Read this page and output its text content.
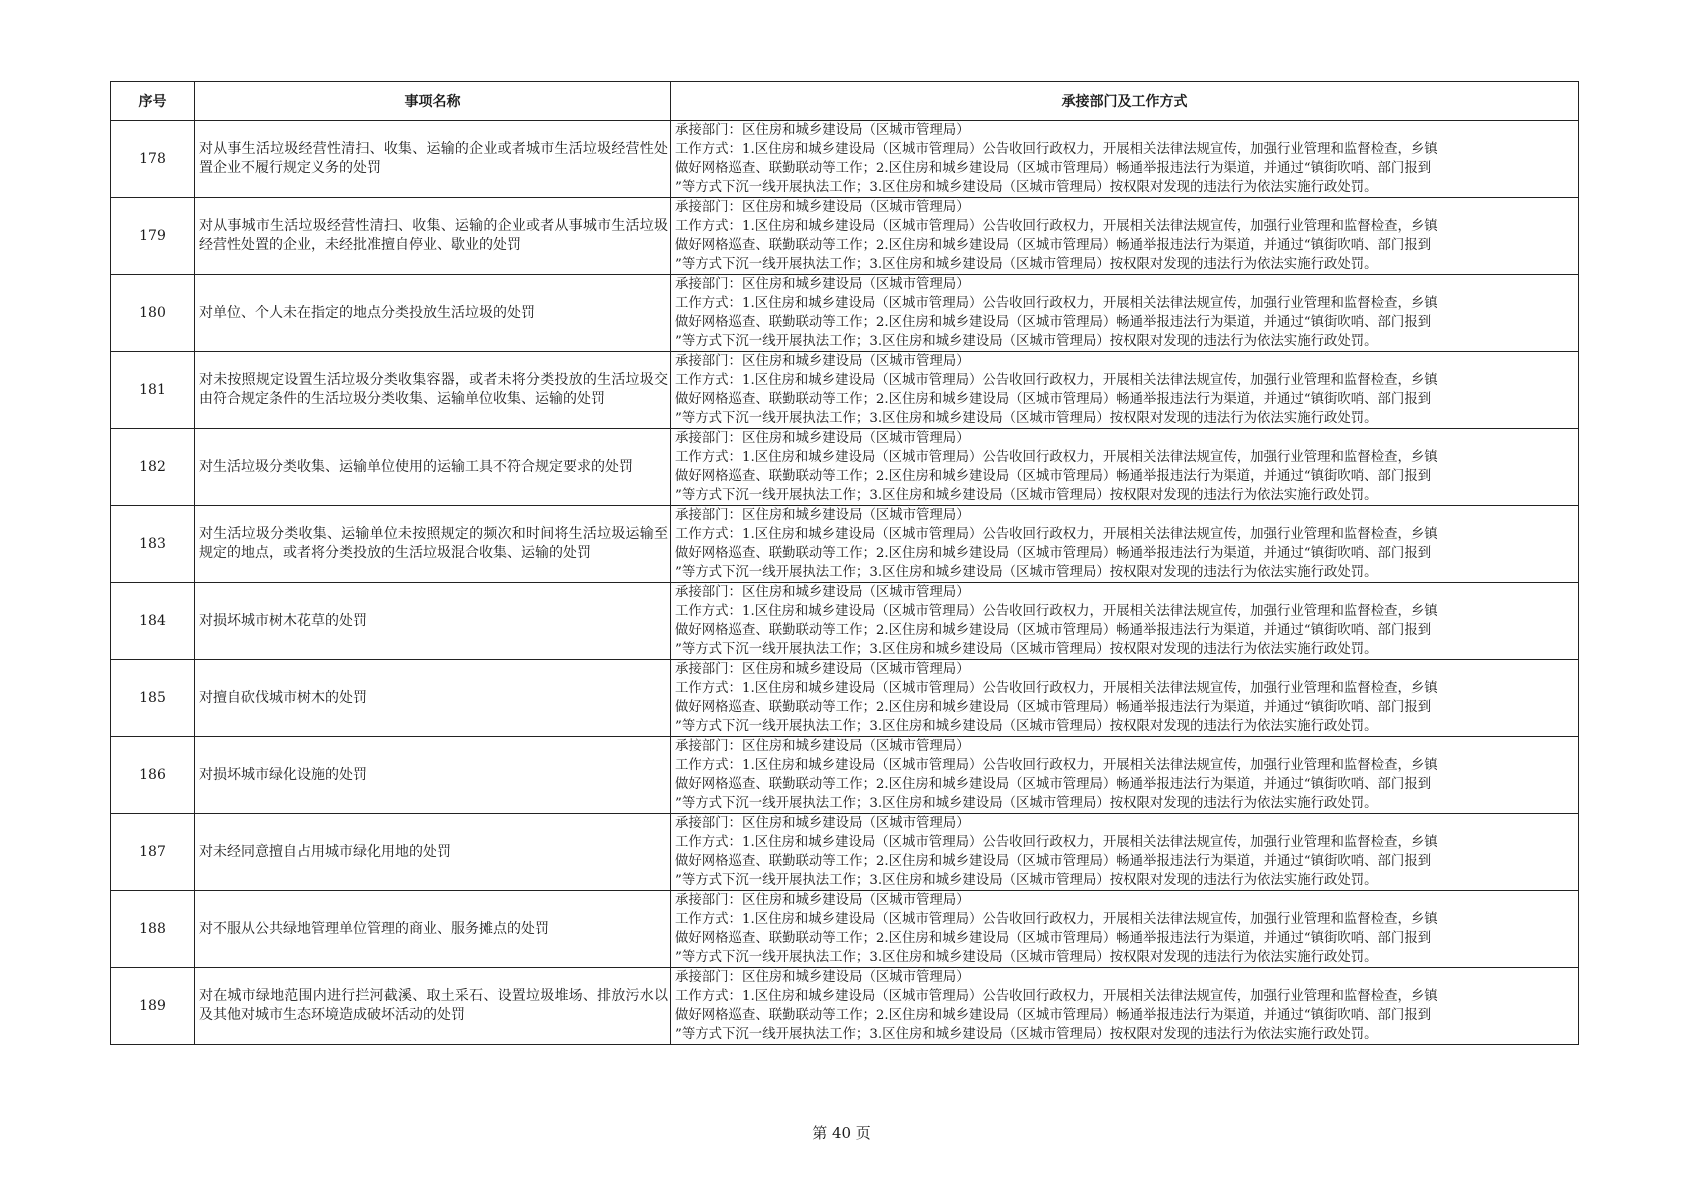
序号	事项名称	承接部门及工作方式
178	对从事生活垃圾经营性清扫、收集、运输的企业或者城市生活垃圾经营性处置企业不履行规定义务的处罚	承接部门：区住房和城乡建设局（区城市管理局）
工作方式：1.区住房和城乡建设局（区城市管理局）公告收回行政权力，开展相关法律法规宣传，加强行业管理和监督检查，乡镇
做好网格巡查、联勤联动等工作；2.区住房和城乡建设局（区城市管理局）畅通举报违法行为渠道，并通过“镇街吹哨、部门报到
”等方式下沉一线开展执法工作；3.区住房和城乡建设局（区城市管理局）按权限对发现的违法行为依法实施行政处罚。

179	对从事城市生活垃圾经营性清扫、收集、运输的企业或者从事城市生活垃圾经营性处置的企业，未经批准擅自停业、歇业的处罚	承接部门：区住房和城乡建设局（区城市管理局）
工作方式：1.区住房和城乡建设局（区城市管理局）公告收回行政权力，开展相关法律法规宣传，加强行业管理和监督检查，乡镇
做好网格巡查、联勤联动等工作；2.区住房和城乡建设局（区城市管理局）畅通举报违法行为渠道，并通过“镇街吹哨、部门报到
”等方式下沉一线开展执法工作；3.区住房和城乡建设局（区城市管理局）按权限对发现的违法行为依法实施行政处罚。

180	对单位、个人未在指定的地点分类投放生活垃圾的处罚	承接部门：区住房和城乡建设局（区城市管理局）
工作方式：1.区住房和城乡建设局（区城市管理局）公告收回行政权力，开展相关法律法规宣传，加强行业管理和监督检查，乡镇
做好网格巡查、联勤联动等工作；2.区住房和城乡建设局（区城市管理局）畅通举报违法行为渠道，并通过“镇街吹哨、部门报到
”等方式下沉一线开展执法工作；3.区住房和城乡建设局（区城市管理局）按权限对发现的违法行为依法实施行政处罚。

181	对未按照规定设置生活垃圾分类收集容器，或者未将分类投放的生活垃圾交由符合规定条件的生活垃圾分类收集、运输单位收集、运输的处罚	承接部门：区住房和城乡建设局（区城市管理局）
工作方式：1.区住房和城乡建设局（区城市管理局）公告收回行政权力，开展相关法律法规宣传，加强行业管理和监督检查，乡镇
做好网格巡查、联勤联动等工作；2.区住房和城乡建设局（区城市管理局）畅通举报违法行为渠道，并通过“镇街吹哨、部门报到
”等方式下沉一线开展执法工作；3.区住房和城乡建设局（区城市管理局）按权限对发现的违法行为依法实施行政处罚。

182	对生活垃圾分类收集、运输单位使用的运输工具不符合规定要求的处罚	承接部门：区住房和城乡建设局（区城市管理局）
工作方式：1.区住房和城乡建设局（区城市管理局）公告收回行政权力，开展相关法律法规宣传，加强行业管理和监督检查，乡镇
做好网格巡查、联勤联动等工作；2.区住房和城乡建设局（区城市管理局）畅通举报违法行为渠道，并通过“镇街吹哨、部门报到
”等方式下沉一线开展执法工作；3.区住房和城乡建设局（区城市管理局）按权限对发现的违法行为依法实施行政处罚。

183	对生活垃圾分类收集、运输单位未按照规定的频次和时间将生活垃圾运输至规定的地点，或者将分类投放的生活垃圾混合收集、运输的处罚	承接部门：区住房和城乡建设局（区城市管理局）
工作方式：1.区住房和城乡建设局（区城市管理局）公告收回行政权力，开展相关法律法规宣传，加强行业管理和监督检查，乡镇
做好网格巡查、联勤联动等工作；2.区住房和城乡建设局（区城市管理局）畅通举报违法行为渠道，并通过“镇街吹哨、部门报到
”等方式下沉一线开展执法工作；3.区住房和城乡建设局（区城市管理局）按权限对发现的违法行为依法实施行政处罚。

184	对损坏城市树木花草的处罚	承接部门：区住房和城乡建设局（区城市管理局）
工作方式：1.区住房和城乡建设局（区城市管理局）公告收回行政权力，开展相关法律法规宣传，加强行业管理和监督检查，乡镇
做好网格巡查、联勤联动等工作；2.区住房和城乡建设局（区城市管理局）畅通举报违法行为渠道，并通过“镇街吹哨、部门报到
”等方式下沉一线开展执法工作；3.区住房和城乡建设局（区城市管理局）按权限对发现的违法行为依法实施行政处罚。

185	对擅自砍伐城市树木的处罚	承接部门：区住房和城乡建设局（区城市管理局）
工作方式：1.区住房和城乡建设局（区城市管理局）公告收回行政权力，开展相关法律法规宣传，加强行业管理和监督检查，乡镇
做好网格巡查、联勤联动等工作；2.区住房和城乡建设局（区城市管理局）畅通举报违法行为渠道，并通过“镇街吹哨、部门报到
”等方式下沉一线开展执法工作；3.区住房和城乡建设局（区城市管理局）按权限对发现的违法行为依法实施行政处罚。

186	对损坏城市绿化设施的处罚	承接部门：区住房和城乡建设局（区城市管理局）
工作方式：1.区住房和城乡建设局（区城市管理局）公告收回行政权力，开展相关法律法规宣传，加强行业管理和监督检查，乡镇
做好网格巡查、联勤联动等工作；2.区住房和城乡建设局（区城市管理局）畅通举报违法行为渠道，并通过“镇街吹哨、部门报到
”等方式下沉一线开展执法工作；3.区住房和城乡建设局（区城市管理局）按权限对发现的违法行为依法实施行政处罚。

187	对未经同意擅自占用城市绿化用地的处罚	承接部门：区住房和城乡建设局（区城市管理局）
工作方式：1.区住房和城乡建设局（区城市管理局）公告收回行政权力，开展相关法律法规宣传，加强行业管理和监督检查，乡镇
做好网格巡查、联勤联动等工作；2.区住房和城乡建设局（区城市管理局）畅通举报违法行为渠道，并通过“镇街吹哨、部门报到
”等方式下沉一线开展执法工作；3.区住房和城乡建设局（区城市管理局）按权限对发现的违法行为依法实施行政处罚。

188	对不服从公共绿地管理单位管理的商业、服务摊点的处罚	承接部门：区住房和城乡建设局（区城市管理局）
工作方式：1.区住房和城乡建设局（区城市管理局）公告收回行政权力，开展相关法律法规宣传，加强行业管理和监督检查，乡镇
做好网格巡查、联勤联动等工作；2.区住房和城乡建设局（区城市管理局）畅通举报违法行为渠道，并通过“镇街吹哨、部门报到
”等方式下沉一线开展执法工作；3.区住房和城乡建设局（区城市管理局）按权限对发现的违法行为依法实施行政处罚。

189	对在城市绿地范围内进行拦河截溪、取土采石、设置垃圾堆场、排放污水以及其他对城市生态环境造成破坏活动的处罚	承接部门：区住房和城乡建设局（区城市管理局）
工作方式：1.区住房和城乡建设局（区城市管理局）公告收回行政权力，开展相关法律法规宣传，加强行业管理和监督检查，乡镇
做好网格巡查、联勤联动等工作；2.区住房和城乡建设局（区城市管理局）畅通举报违法行为渠道，并通过“镇街吹哨、部门报到
”等方式下沉一线开展执法工作；3.区住房和城乡建设局（区城市管理局）按权限对发现的违法行为依法实施行政处罚。
第 40 页
